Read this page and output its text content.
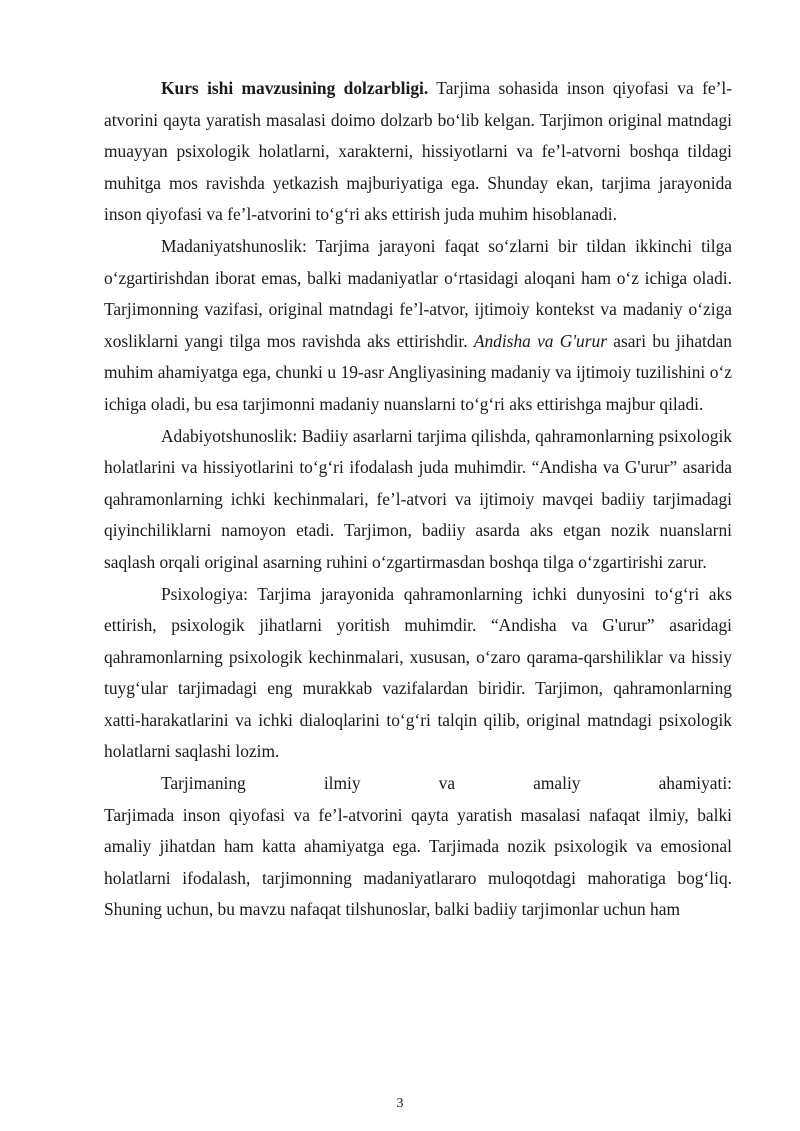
Kurs ishi mavzusining dolzarbligi. Tarjima sohasida inson qiyofasi va fe’l-atvorini qayta yaratish masalasi doimo dolzarb bo‘lib kelgan. Tarjimon original matndagi muayyan psixologik holatlarni, xarakterni, hissiyotlarni va fe’l-atvorni boshqa tildagi muhitga mos ravishda yetkazish majburiyatiga ega. Shunday ekan, tarjima jarayonida inson qiyofasi va fe’l-atvorini to‘g‘ri aks ettirish juda muhim hisoblanadi.

Madaniyatshunoslik: Tarjima jarayoni faqat so‘zlarni bir tildan ikkinchi tilga o‘zgartirishdan iborat emas, balki madaniyatlar o‘rtasidagi aloqani ham o‘z ichiga oladi. Tarjimonning vazifasi, original matndagi fe’l-atvor, ijtimoiy kontekst va madaniy o‘ziga xosliklarni yangi tilga mos ravishda aks ettirishdir. Andisha va G'urur asari bu jihatdan muhim ahamiyatga ega, chunki u 19-asr Angliyasining madaniy va ijtimoiy tuzilishini o‘z ichiga oladi, bu esa tarjimonni madaniy nuanslarni to‘g‘ri aks ettirishga majbur qiladi.

Adabiyotshunoslik: Badiiy asarlarni tarjima qilishda, qahramonlarning psixologik holatlarini va hissiyotlarini to‘g‘ri ifodalash juda muhimdir. “Andisha va G'urur” asarida qahramonlarning ichki kechinmalari, fe’l-atvori va ijtimoiy mavqei badiiy tarjimadagi qiyinchiliklarni namoyon etadi. Tarjimon, badiiy asarda aks etgan nozik nuanslarni saqlash orqali original asarning ruhini o‘zgartirmasdan boshqa tilga o‘zgartirishi zarur.

Psixologiya: Tarjima jarayonida qahramonlarning ichki dunyosini to‘g‘ri aks ettirish, psixologik jihatlarni yoritish muhimdir. “Andisha va G'urur” asaridagi qahramonlarning psixologik kechinmalari, xususan, o‘zaro qarama-qarshiliklar va hissiy tuyg‘ular tarjimadagi eng murakkab vazifalardan biridir. Tarjimon, qahramonlarning xatti-harakatlarini va ichki dialoqlarini to‘g‘ri talqin qilib, original matndagi psixologik holatlarni saqlashi lozim.

Tarjimaning ilmiy va amaliy ahamiyati:

Tarjimada inson qiyofasi va fe’l-atvorini qayta yaratish masalasi nafaqat ilmiy, balki amaliy jihatdan ham katta ahamiyatga ega. Tarjimada nozik psixologik va emosional holatlarni ifodalash, tarjimonning madaniyatlararo muloqotdagi mahoratiga bog‘liq. Shuning uchun, bu mavzu nafaqat tilshunoslar, balki badiiy tarjimonlar uchun ham

3
